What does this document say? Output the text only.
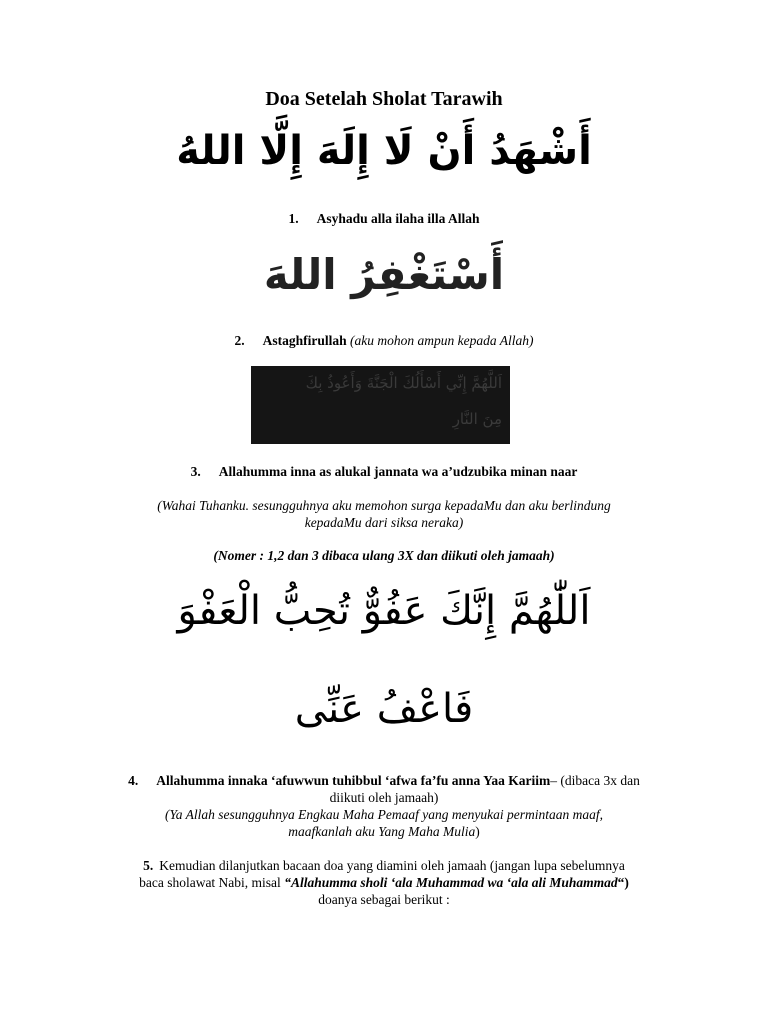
Doa Setelah Sholat Tarawih
أَشْهَدُ أَنْ لَا إِلَهَ إِلَّا اللهُ
1. Asyhadu alla ilaha illa Allah
أَسْتَغْفِرُ اللهَ
2. Astaghfirullah (aku mohon ampun kepada Allah)
اَللَّهُمَّ إِنِّي أَسْأَلُكَ الْجَنَّةَ وَأَعُوذُ بِكَ
مِنَ النَّارِ
3. Allahumma inna as alukal jannata wa a’udzubika minan naar
(Wahai Tuhanku. sesungguhnya aku memohon surga kepadaMu dan aku berlindung
kepadaMu dari siksa neraka)
(Nomer : 1,2 dan 3 dibaca ulang 3X dan diikuti oleh jamaah)
اَللّٰهُمَّ إِنَّكَ عَفُوٌّ تُحِبُّ الْعَفْوَ
فَاعْفُ عَنِّى
4. Allahumma innaka ‘afuwwun tuhibbul ‘afwa fa’fu anna Yaa Kariim– (dibaca 3x dan
diikuti oleh jamaah)
(Ya Allah sesungguhnya Engkau Maha Pemaaf yang menyukai permintaan maaf,
maafkanlah aku Yang Maha Mulia)
5. Kemudian dilanjutkan bacaan doa yang diamini oleh jamaah (jangan lupa sebelumnya
baca sholawat Nabi, misal “Allahumma sholi ‘ala Muhammad wa ‘ala ali Muhammad“)
doanya sebagai berikut :
